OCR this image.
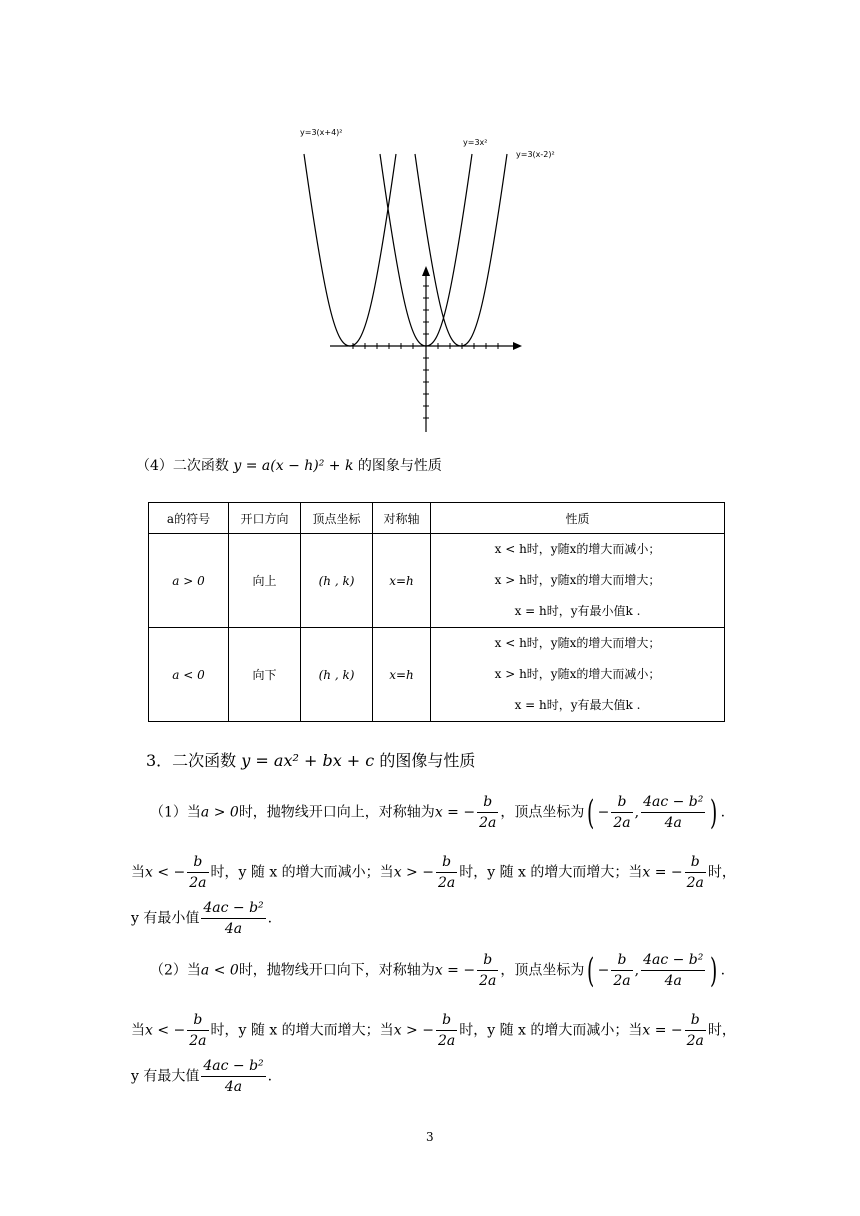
y=3(x+4)²
y=3x²
y=3(x-2)²
（4）二次函数 y = a(x − h)² + k 的图象与性质
a的符号	开口方向	顶点坐标	对称轴	性质
a > 0	向上	(h , k)	x=h	x < h时，y随x的增大而减小；
x > h时，y随x的增大而增大；
x = h时，y有最小值k .

a < 0	向下	(h , k)	x=h	x < h时，y随x的增大而增大；
x > h时，y随x的增大而减小；
x = h时，y有最大值k .
3．二次函数 y = ax² + bx + c 的图像与性质
（1）当a > 0时，抛物线开口向上，对称轴为x = − $\frac{b}{2a}$ ，顶点坐标为( − $\frac{b}{2a}$ , $\frac{\text{4ac − b²}}{4a}$ ) .
当x < − $\frac{b}{2a}$ 时，y 随 x 的增大而减小；当x > − $\frac{b}{2a}$ 时，y 随 x 的增大而增大；当x = − $\frac{b}{2a}$ 时，
y 有最小值 $\frac{\text{4ac − b²}}{4a}$ .
（2）当a < 0时，抛物线开口向下，对称轴为x = − $\frac{b}{2a}$ ，顶点坐标为( − $\frac{b}{2a}$ , $\frac{\text{4ac − b²}}{4a}$ ) .
当x < − $\frac{b}{2a}$ 时，y 随 x 的增大而增大；当x > − $\frac{b}{2a}$ 时，y 随 x 的增大而减小；当x = − $\frac{b}{2a}$ 时，
y 有最大值 $\frac{\text{4ac − b²}}{4a}$ .
3
